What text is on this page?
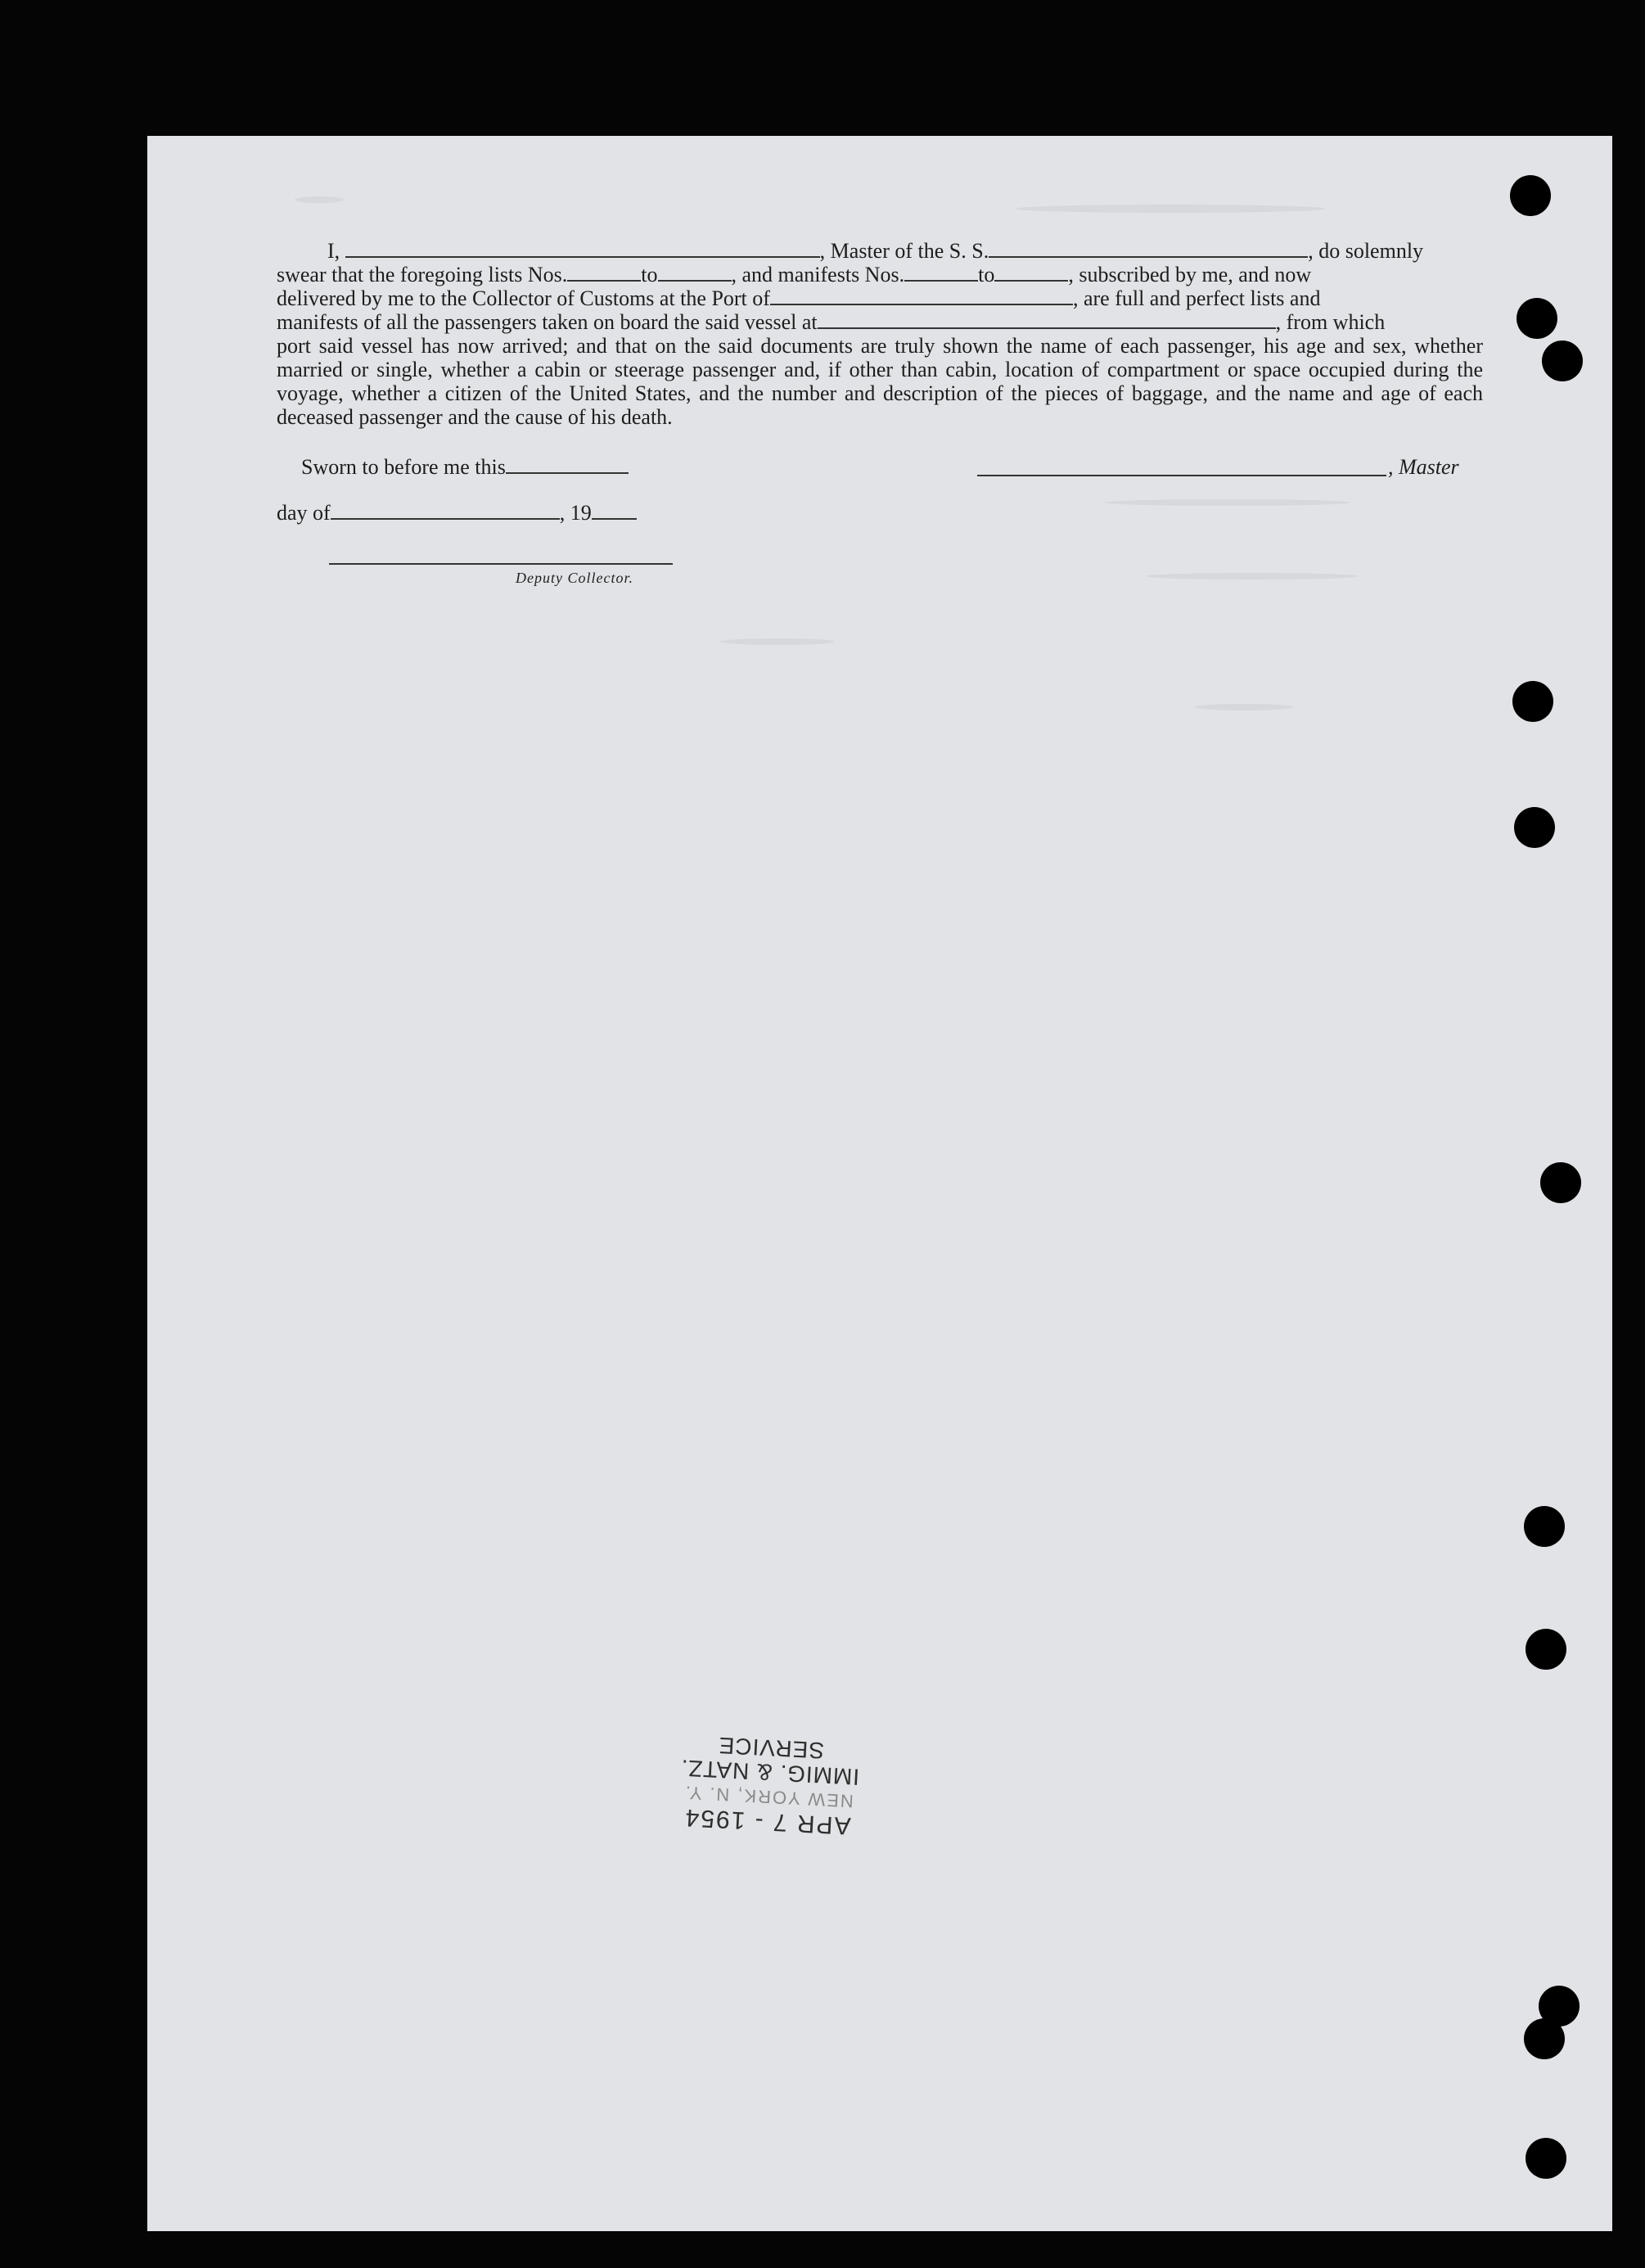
I,	, Master of the S. S.	, do solemnly

swear that the foregoing lists Nos.	to	, and manifests Nos.	to	, subscribed by me, and now

delivered by me to the Collector of Customs at the Port of	, are full and perfect lists and

manifests of all the passengers taken on board the said vessel at	, from which

port said vessel has now arrived; and that on the said documents are truly shown the name of each passenger, his age and sex, whether married or single, whether a cabin or steerage passenger and, if other than cabin, location of compartment or space occupied during the voyage, whether a citizen of the United States, and the number and description of the pieces of baggage, and the name and age of each deceased passenger and the cause of his death.

Sworn to before me this	, Master
day of	, 19
Deputy Collector.
APR 7 - 1954
NEW YORK, N. Y.
IMMIG. & NATZ. SERVICE
